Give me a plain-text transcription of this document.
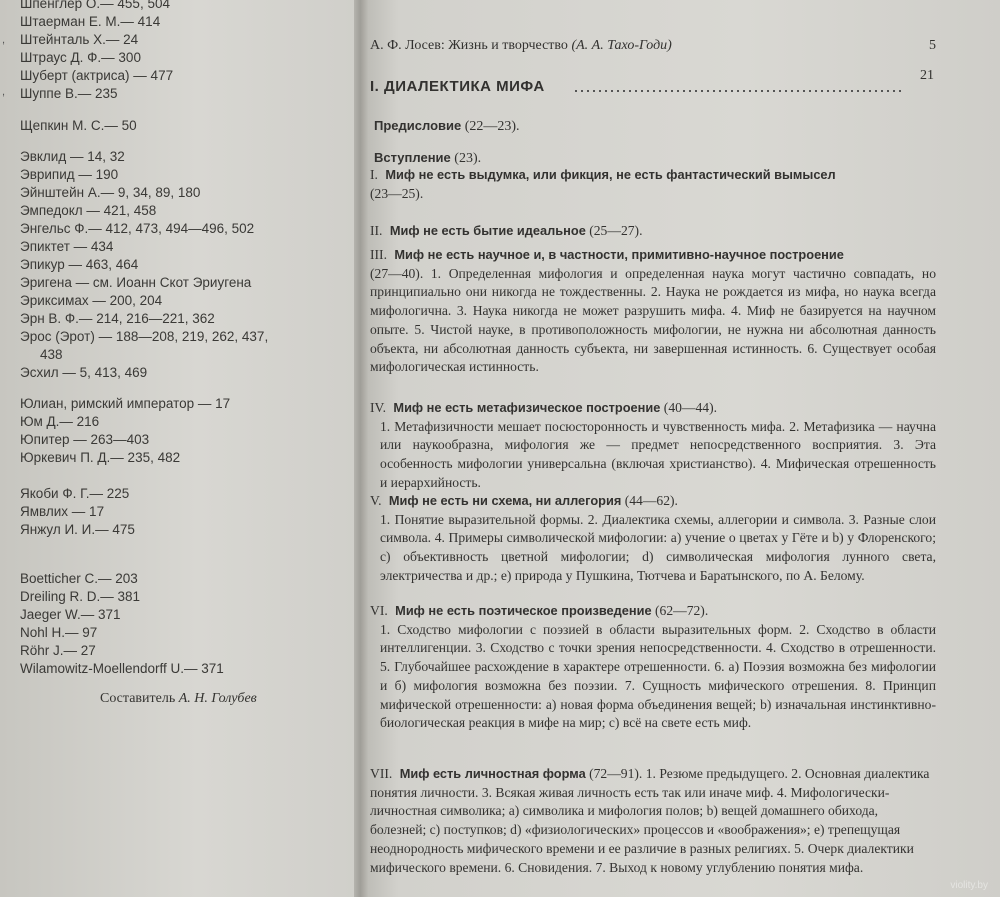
,
,
Шпенглер О.— 455, 504
Штаерман Е. М.— 414
Штейнталь Х.— 24
Штраус Д. Ф.— 300
Шуберт (актриса) — 477
Шуппе В.— 235
Щепкин М. С.— 50
Эвклид — 14, 32
Эврипид — 190
Эйнштейн А.— 9, 34, 89, 180
Эмпедокл — 421, 458
Энгельс Ф.— 412, 473, 494—496, 502
Эпиктет — 434
Эпикур — 463, 464
Эригена — см. Иоанн Скот Эриугена
Эриксимах — 200, 204
Эрн В. Ф.— 214, 216—221, 362
Эрос (Эрот) — 188—208, 219, 262, 437,
438
Эсхил — 5, 413, 469
Юлиан, римский император — 17
Юм Д.— 216
Юпитер — 263—403
Юркевич П. Д.— 235, 482
Якоби Ф. Г.— 225
Ямвлих — 17
Янжул И. И.— 475
Boetticher C.— 203
Dreiling R. D.— 381
Jaeger W.— 371
Nohl H.— 97
Röhr J.— 27
Wilamowitz-Moellendorff U.— 371
Составитель А. Н. Голубев
А. Ф. Лосев: Жизнь и творчество (А. А. Тахо-Годи)	5
I. ДИАЛЕКТИКА МИФА
21
Предисловие (22—23).
Вступление (23).
I. Миф не есть выдумка, или фикция, не есть фантастический вымысел
(23—25).
II. Миф не есть бытие идеальное (25—27).
III. Миф не есть научное и, в частности, примитивно-научное построение
(27—40). 1. Определенная мифология и определенная наука могут частично совпадать, но принципиально они никогда не тождественны. 2. Наука не рождается из мифа, но наука всегда мифологична. 3. Наука никогда не может разрушить мифа. 4. Миф не базируется на научном опыте. 5. Чистой науке, в противоположность мифологии, не нужна ни абсолютная данность объекта, ни абсолютная данность субъекта, ни завершенная истинность. 6. Существует особая мифологическая истинность.
IV. Миф не есть метафизическое построение (40—44).
1. Метафизичности мешает посюсторонность и чувственность мифа. 2. Метафизика — научна или наукообразна, мифология же — предмет непосредственного восприятия. 3. Эта особенность мифологии универсальна (включая христианство). 4. Мифическая отрешенность и иерархийность.
V. Миф не есть ни схема, ни аллегория (44—62).
1. Понятие выразительной формы. 2. Диалектика схемы, аллегории и символа. 3. Разные слои символа. 4. Примеры символической мифологии: а) учение о цветах у Гёте и b) у Флоренского; с) объективность цветной мифологии; d) символическая мифология лунного света, электричества и др.; е) природа у Пушкина, Тютчева и Баратынского, по А. Белому.
VI. Миф не есть поэтическое произведение (62—72).
1. Сходство мифологии с поэзией в области выразительных форм. 2. Сходство в области интеллигенции. 3. Сходство с точки зрения непосредственности. 4. Сходство в отрешенности. 5. Глубочайшее расхождение в характере отрешенности. 6. а) Поэзия возможна без мифологии и б) мифология возможна без поэзии. 7. Сущность мифического отрешения. 8. Принцип мифической отрешенности: а) новая форма объединения вещей; b) изначальная инстинктивно-биологическая реакция в мифе на мир; с) всё на свете есть миф.
VII. Миф есть личностная форма (72—91). 1. Резюме предыдущего. 2. Основная диалектика понятия личности. 3. Всякая живая личность есть так или иначе миф. 4. Мифологически-личностная символика; а) символика и мифология полов; b) вещей домашнего обихода, болезней; с) поступков; d) «физиологических» процессов и «воображения»; е) трепещущая неоднородность мифического времени и ее различие в разных религиях. 5. Очерк диалектики мифического времени. 6. Сновидения. 7. Выход к новому углублению понятия мифа.
violity.by
